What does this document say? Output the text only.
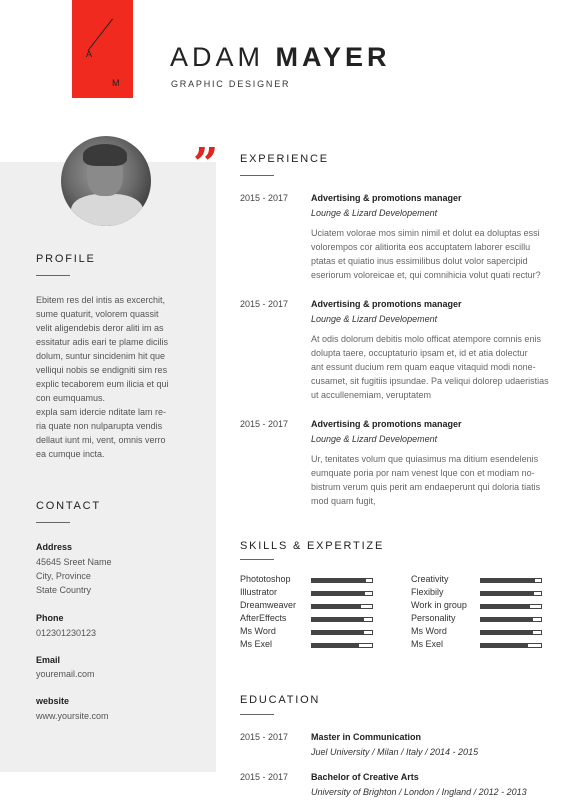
A
M
ADAM MAYER
GRAPHIC DESIGNER
”
PROFILE
Ebitem res del intis as excerchit,
sume quaturit, volorem quassit
velit aligendebis deror aliti im as
essitatur adis eari te plame dicilis
dolum, suntur sincidenim hit que
velliqui nobis se endigniti sim res
explic tecaborem eum ilicia et qui
con eumquamus.
expla sam idercie nditate lam re-
ria quate non nulparupta vendis
dellaut iunt mi, vent, omnis verro
ea cumque incta.
CONTACT
Address
45645 Sreet Name
City, Province
State Country
Phone
012301230123
Email
youremail.com
website
www.yoursite.com
EXPERIENCE
2015 - 2017	Advertising & promotions manager
Lounge & Lizard Developement
Uciatem volorae mos simin nimil et dolut ea doluptas essi
volorempos cor alitiorita eos accuptatem laborer escillu
ptatas et quiatio inus essimilibus dolut volor sapercipid
eseriorum voloreicae et, qui comnihicia volut quati rectur?
2015 - 2017	Advertising & promotions manager
Lounge & Lizard Developement
At odis dolorum debitis molo officat atempore comnis enis
dolupta taere, occuptaturio ipsam et, id et atia dolectur
ant essunt ducium rem quam eaque vitaquid modi none-
cusamet, sit fugitiis ipsundae. Pa veliqui dolorep udaeristias
ut accullenemiam, veruptatem
2015 - 2017	Advertising & promotions manager
Lounge & Lizard Developement
Ur, tenitates volum que quiasimus ma ditium esendelenis
eumquate poria por nam venest lque con et modiam no-
bistrum verum quis perit am endaeperunt qui doloria tiatis
mod quam fugit,
SKILLS & EXPERTIZE
Phototoshop
Illustrator
Dreamweaver
AfterEffects
Ms Word
Ms Exel
Creativity
Flexibily
Work in group
Personality
Ms Word
Ms Exel
EDUCATION
2015 - 2017	Master in Communication
Juel University / Milan / Italy / 2014 - 2015
2015 - 2017	Bachelor of Creative Arts
University of Brighton / London / Ingland / 2012 - 2013
